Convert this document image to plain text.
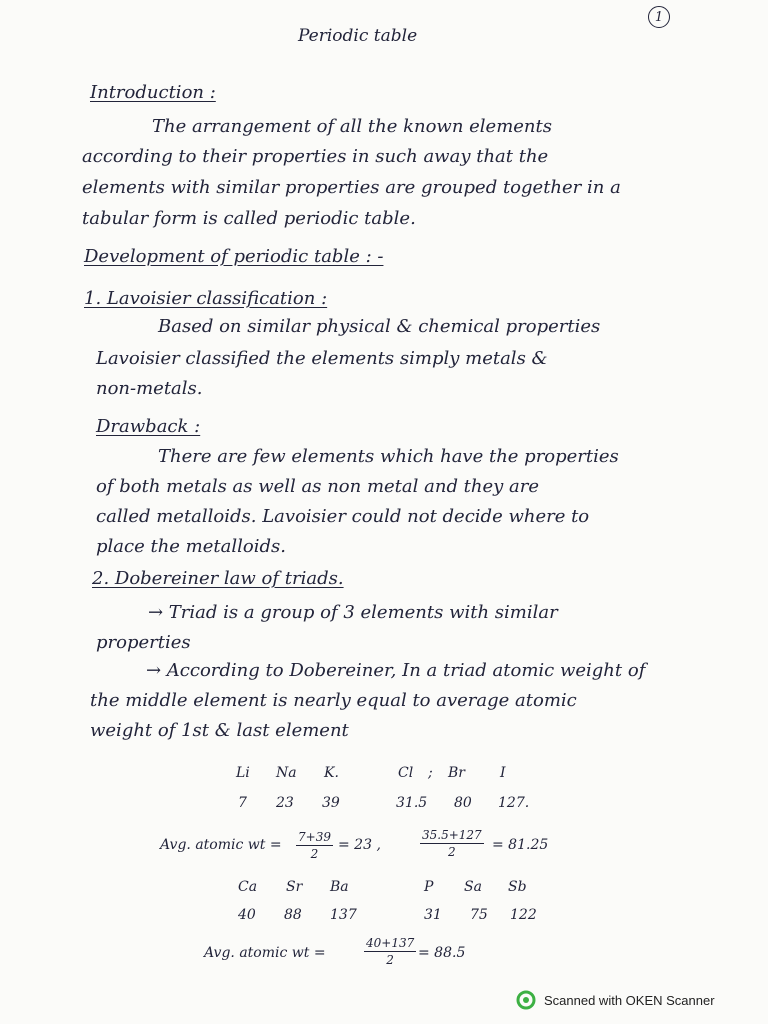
Periodic table
1
Introduction :
The arrangement of all the known elements
according to their properties in such away that the
elements with similar properties are grouped together in a
tabular form is called periodic table.
Development of periodic table : -
1. Lavoisier classification :
Based on similar physical & chemical properties
Lavoisier classified the elements simply metals &
non-metals.
Drawback :
There are few elements which have the properties
of both metals as well as non metal and they are
called metalloids. Lavoisier could not decide where to
place the metalloids.
2. Dobereiner law of triads.
→ Triad is a group of 3 elements with similar
properties
→ According to Dobereiner, In a triad atomic weight of
the middle element is nearly equal to average atomic
weight of 1st & last element
Li Na K.
7 23 39
Cl ; Br	I
31.5 80 127.
Avg. atomic wt = $\frac{7+39}{2} = 23$ ,	$\frac{35.5+127}{2} = 81.25$
Ca Sr Ba
40 88 137
P Sa Sb
31 75 122
Avg. atomic wt =	$\frac{40+137}{2} = 88.5$
Scanned with OKEN Scanner
